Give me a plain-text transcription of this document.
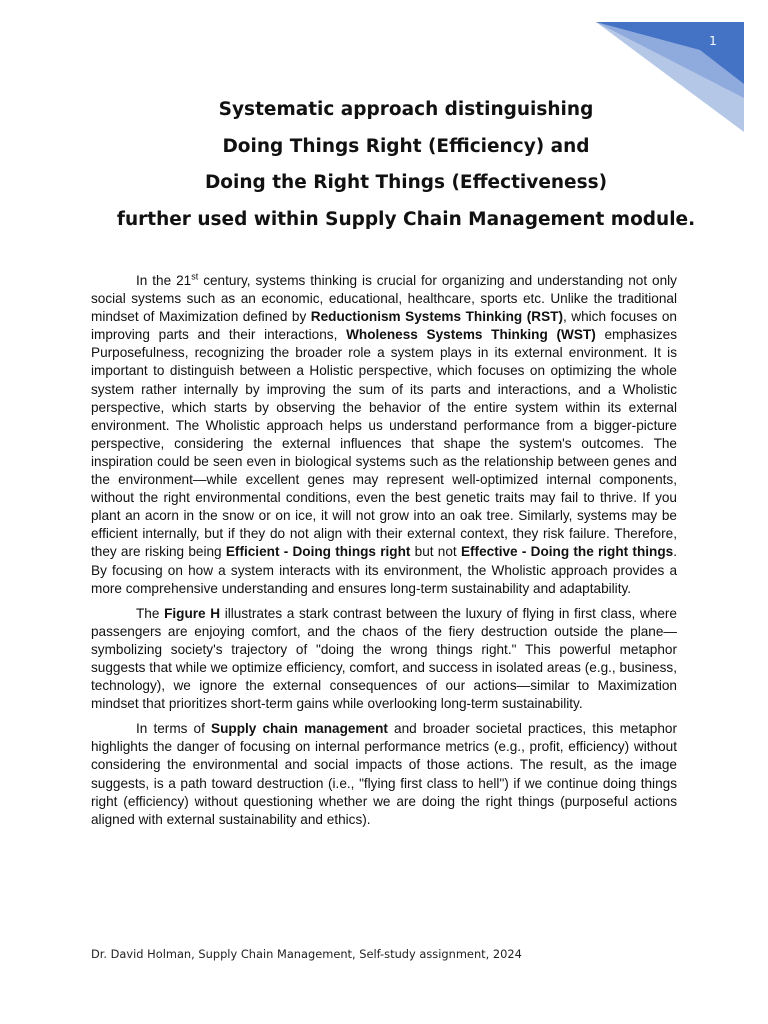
1
Systematic approach distinguishing
Doing Things Right (Efficiency) and
Doing the Right Things (Effectiveness)
further used within Supply Chain Management module.

In the 21st century, systems thinking is crucial for organizing and understanding not only social systems such as an economic, educational, healthcare, sports etc. Unlike the traditional mindset of Maximization defined by Reductionism Systems Thinking (RST), which focuses on improving parts and their interactions, Wholeness Systems Thinking (WST) emphasizes Purposefulness, recognizing the broader role a system plays in its external environment. It is important to distinguish between a Holistic perspective, which focuses on optimizing the whole system rather internally by improving the sum of its parts and interactions, and a Wholistic perspective, which starts by observing the behavior of the entire system within its external environment. The Wholistic approach helps us understand performance from a bigger-picture perspective, considering the external influences that shape the system's outcomes. The inspiration could be seen even in biological systems such as the relationship between genes and the environment—while excellent genes may represent well-optimized internal components, without the right environmental conditions, even the best genetic traits may fail to thrive. If you plant an acorn in the snow or on ice, it will not grow into an oak tree. Similarly, systems may be efficient internally, but if they do not align with their external context, they risk failure. Therefore, they are risking being Efficient - Doing things right but not Effective - Doing the right things. By focusing on how a system interacts with its environment, the Wholistic approach provides a more comprehensive understanding and ensures long-term sustainability and adaptability.

The Figure H illustrates a stark contrast between the luxury of flying in first class, where passengers are enjoying comfort, and the chaos of the fiery destruction outside the plane—symbolizing society's trajectory of "doing the wrong things right." This powerful metaphor suggests that while we optimize efficiency, comfort, and success in isolated areas (e.g., business, technology), we ignore the external consequences of our actions—similar to Maximization mindset that prioritizes short-term gains while overlooking long-term sustainability.

In terms of Supply chain management and broader societal practices, this metaphor highlights the danger of focusing on internal performance metrics (e.g., profit, efficiency) without considering the environmental and social impacts of those actions. The result, as the image suggests, is a path toward destruction (i.e., "flying first class to hell") if we continue doing things right (efficiency) without questioning whether we are doing the right things (purposeful actions aligned with external sustainability and ethics).

Dr. David Holman, Supply Chain Management, Self-study assignment, 2024
